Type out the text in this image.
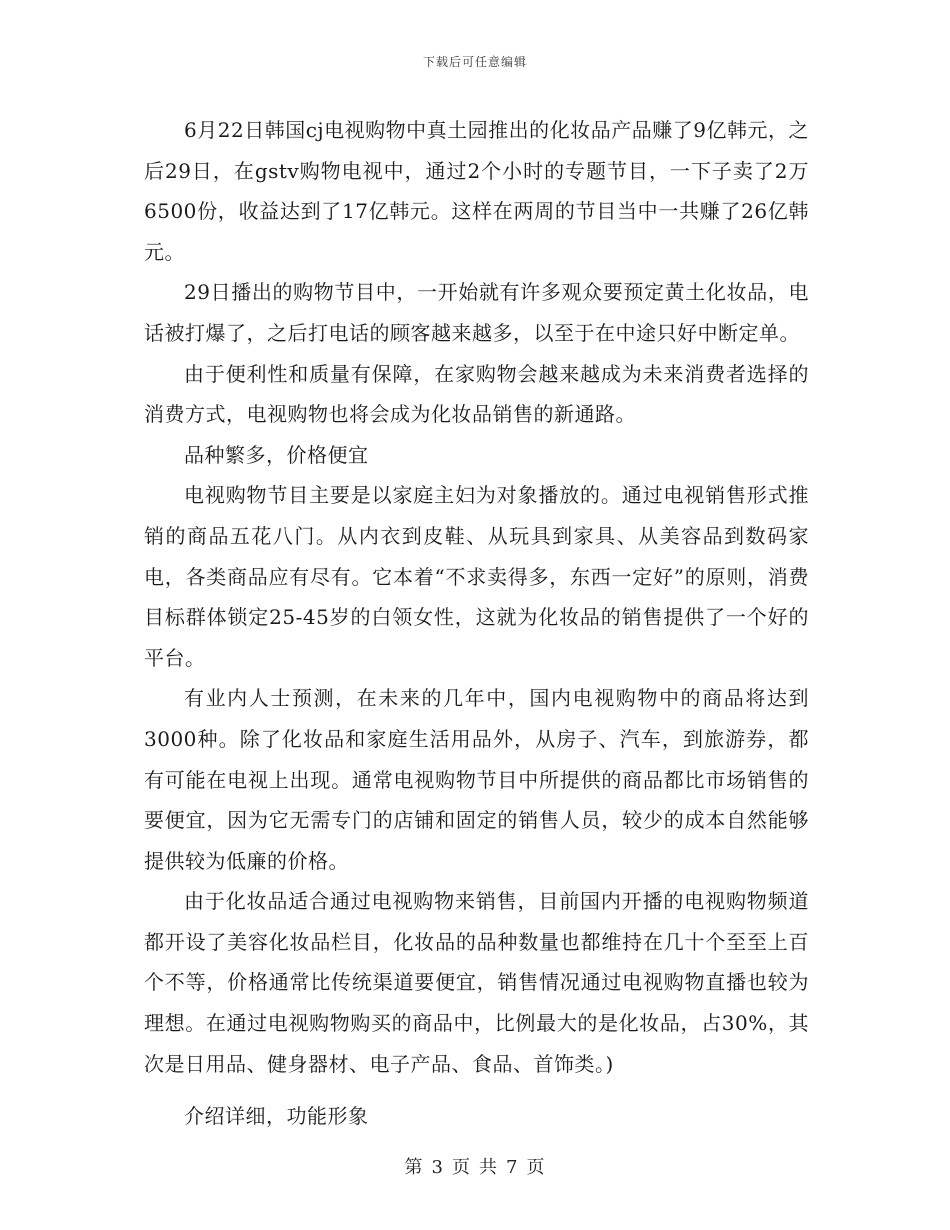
下载后可任意编辑

6月22日韩国cj电视购物中真土园推出的化妆品产品赚了9亿韩元，之后29日，在gstv购物电视中，通过2个小时的专题节目，一下子卖了2万6500份，收益达到了17亿韩元。这样在两周的节目当中一共赚了26亿韩元。

29日播出的购物节目中，一开始就有许多观众要预定黄土化妆品，电话被打爆了，之后打电话的顾客越来越多，以至于在中途只好中断定单。

由于便利性和质量有保障，在家购物会越来越成为未来消费者选择的消费方式，电视购物也将会成为化妆品销售的新通路。

品种繁多，价格便宜

电视购物节目主要是以家庭主妇为对象播放的。通过电视销售形式推销的商品五花八门。从内衣到皮鞋、从玩具到家具、从美容品到数码家电，各类商品应有尽有。它本着“不求卖得多，东西一定好”的原则，消费目标群体锁定25-45岁的白领女性，这就为化妆品的销售提供了一个好的平台。

有业内人士预测，在未来的几年中，国内电视购物中的商品将达到3000种。除了化妆品和家庭生活用品外，从房子、汽车，到旅游券，都有可能在电视上出现。通常电视购物节目中所提供的商品都比市场销售的要便宜，因为它无需专门的店铺和固定的销售人员，较少的成本自然能够提供较为低廉的价格。

由于化妆品适合通过电视购物来销售，目前国内开播的电视购物频道都开设了美容化妆品栏目，化妆品的品种数量也都维持在几十个至至上百个不等，价格通常比传统渠道要便宜，销售情况通过电视购物直播也较为理想。在通过电视购物购买的商品中，比例最大的是化妆品，占30%，其次是日用品、健身器材、电子产品、食品、首饰类。)

介绍详细，功能形象

第 3 页 共 7 页
